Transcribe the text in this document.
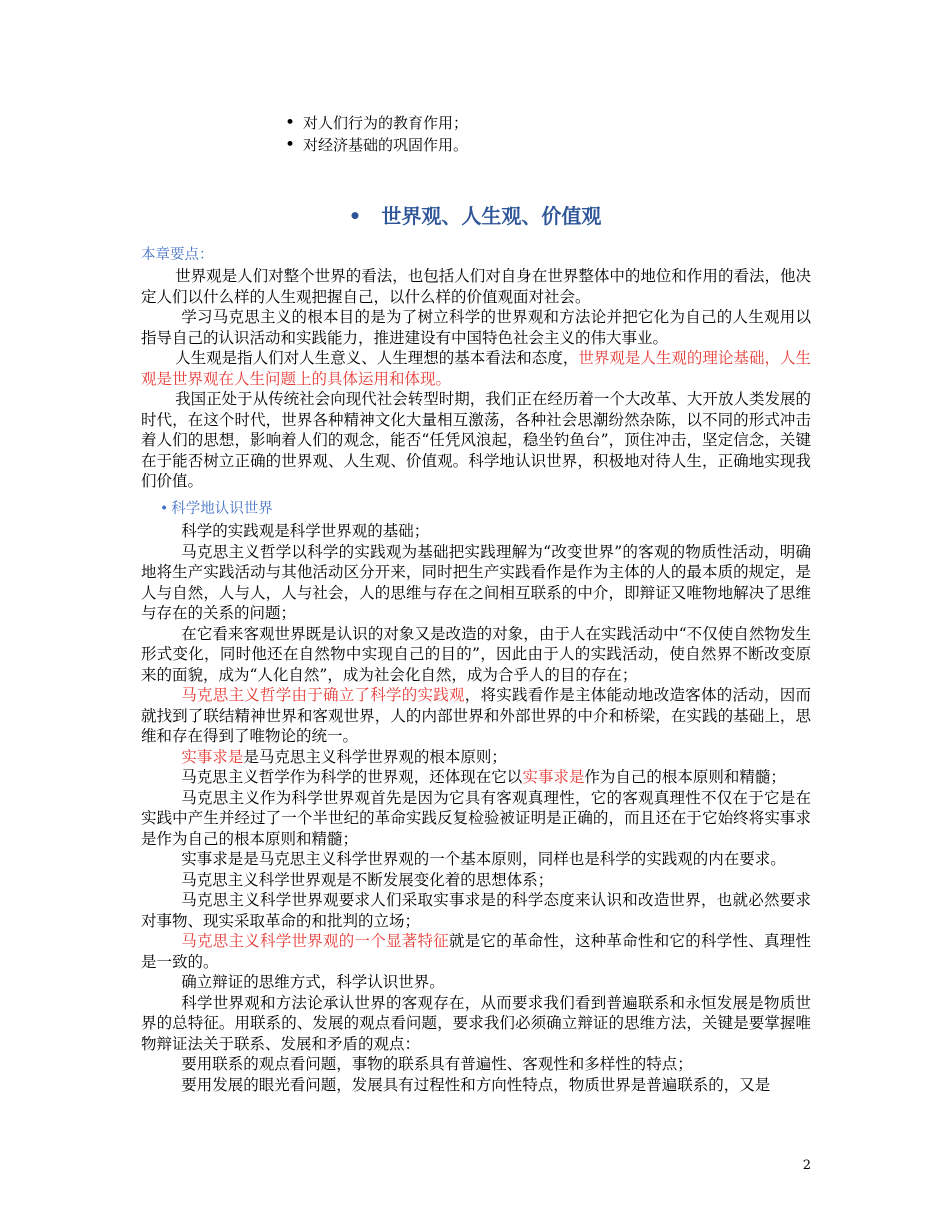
• 对人们行为的教育作用；
• 对经济基础的巩固作用。
• 世界观、人生观、价值观
本章要点：

世界观是人们对整个世界的看法，也包括人们对自身在世界整体中的地位和作用的看法，他决定人们以什么样的人生观把握自己，以什么样的价值观面对社会。

学习马克思主义的根本目的是为了树立科学的世界观和方法论并把它化为自己的人生观用以指导自己的认识活动和实践能力，推进建设有中国特色社会主义的伟大事业。

人生观是指人们对人生意义、人生理想的基本看法和态度，世界观是人生观的理论基础，人生观是世界观在人生问题上的具体运用和体现。

我国正处于从传统社会向现代社会转型时期，我们正在经历着一个大改革、大开放人类发展的时代，在这个时代，世界各种精神文化大量相互激荡，各种社会思潮纷然杂陈，以不同的形式冲击着人们的思想，影响着人们的观念，能否“任凭风浪起，稳坐钓鱼台”，顶住冲击，坚定信念，关键在于能否树立正确的世界观、人生观、价值观。科学地认识世界，积极地对待人生，正确地实现我们价值。

• 科学地认识世界

科学的实践观是科学世界观的基础；

马克思主义哲学以科学的实践观为基础把实践理解为“改变世界”的客观的物质性活动，明确地将生产实践活动与其他活动区分开来，同时把生产实践看作是作为主体的人的最本质的规定，是人与自然，人与人，人与社会，人的思维与存在之间相互联系的中介，即辩证又唯物地解决了思维与存在的关系的问题；

在它看来客观世界既是认识的对象又是改造的对象，由于人在实践活动中“不仅使自然物发生形式变化，同时他还在自然物中实现自己的目的”，因此由于人的实践活动，使自然界不断改变原来的面貌，成为“人化自然”，成为社会化自然，成为合乎人的目的存在；

马克思主义哲学由于确立了科学的实践观，将实践看作是主体能动地改造客体的活动，因而就找到了联结精神世界和客观世界，人的内部世界和外部世界的中介和桥梁，在实践的基础上，思维和存在得到了唯物论的统一。

实事求是是马克思主义科学世界观的根本原则；

马克思主义哲学作为科学的世界观，还体现在它以实事求是作为自己的根本原则和精髓；

马克思主义作为科学世界观首先是因为它具有客观真理性，它的客观真理性不仅在于它是在实践中产生并经过了一个半世纪的革命实践反复检验被证明是正确的，而且还在于它始终将实事求是作为自己的根本原则和精髓；

实事求是是马克思主义科学世界观的一个基本原则，同样也是科学的实践观的内在要求。

马克思主义科学世界观是不断发展变化着的思想体系；

马克思主义科学世界观要求人们采取实事求是的科学态度来认识和改造世界，也就必然要求对事物、现实采取革命的和批判的立场；

马克思主义科学世界观的一个显著特征就是它的革命性，这种革命性和它的科学性、真理性是一致的。

确立辩证的思维方式，科学认识世界。

科学世界观和方法论承认世界的客观存在，从而要求我们看到普遍联系和永恒发展是物质世界的总特征。用联系的、发展的观点看问题，要求我们必须确立辩证的思维方法，关键是要掌握唯物辩证法关于联系、发展和矛盾的观点：

要用联系的观点看问题，事物的联系具有普遍性、客观性和多样性的特点；

要用发展的眼光看问题，发展具有过程性和方向性特点，物质世界是普遍联系的，又是

2
